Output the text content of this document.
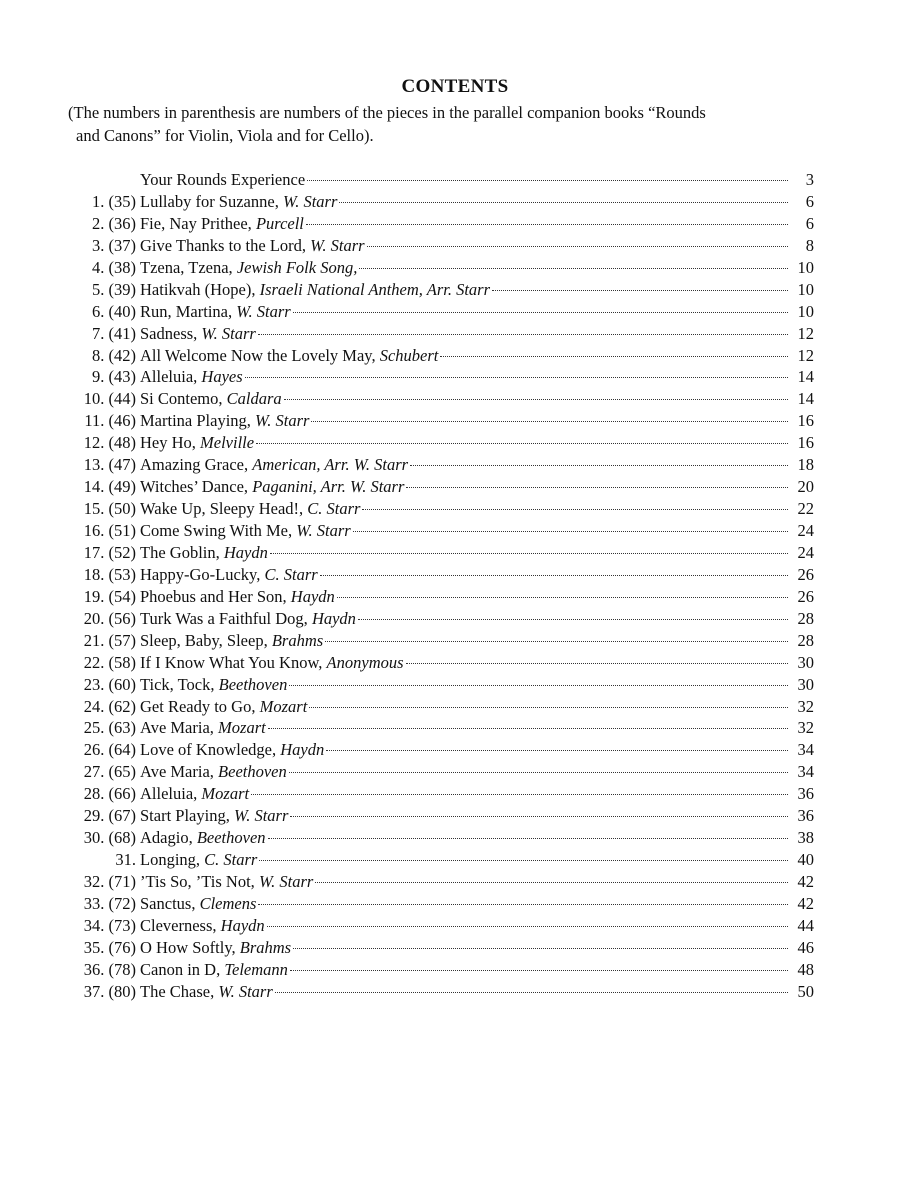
CONTENTS
(The numbers in parenthesis are numbers of the pieces in the parallel companion books “Rounds
and Canons” for Violin, Viola and for Cello).
Your Rounds Experience	3
1. (35) Lullaby for Suzanne, W. Starr	6
2. (36) Fie, Nay Prithee, Purcell	6
3. (37) Give Thanks to the Lord, W. Starr	8
4. (38) Tzena, Tzena, Jewish Folk Song,	10
5. (39) Hatikvah (Hope), Israeli National Anthem, Arr. Starr	10
6. (40) Run, Martina, W. Starr	10
7. (41) Sadness, W. Starr	12
8. (42) All Welcome Now the Lovely May, Schubert	12
9. (43) Alleluia, Hayes	14
10. (44) Si Contemo, Caldara	14
11. (46) Martina Playing, W. Starr	16
12. (48) Hey Ho, Melville	16
13. (47) Amazing Grace, American, Arr. W. Starr	18
14. (49) Witches’ Dance, Paganini, Arr. W. Starr	20
15. (50) Wake Up, Sleepy Head!, C. Starr	22
16. (51) Come Swing With Me, W. Starr	24
17. (52) The Goblin, Haydn	24
18. (53) Happy-Go-Lucky, C. Starr	26
19. (54) Phoebus and Her Son, Haydn	26
20. (56) Turk Was a Faithful Dog, Haydn	28
21. (57) Sleep, Baby, Sleep, Brahms	28
22. (58) If I Know What You Know, Anonymous	30
23. (60) Tick, Tock, Beethoven	30
24. (62) Get Ready to Go, Mozart	32
25. (63) Ave Maria, Mozart	32
26. (64) Love of Knowledge, Haydn	34
27. (65) Ave Maria, Beethoven	34
28. (66) Alleluia, Mozart	36
29. (67) Start Playing, W. Starr	36
30. (68) Adagio, Beethoven	38
31. Longing, C. Starr	40
32. (71) ’Tis So, ’Tis Not, W. Starr	42
33. (72) Sanctus, Clemens	42
34. (73) Cleverness, Haydn	44
35. (76) O How Softly, Brahms	46
36. (78) Canon in D, Telemann	48
37. (80) The Chase, W. Starr	50
